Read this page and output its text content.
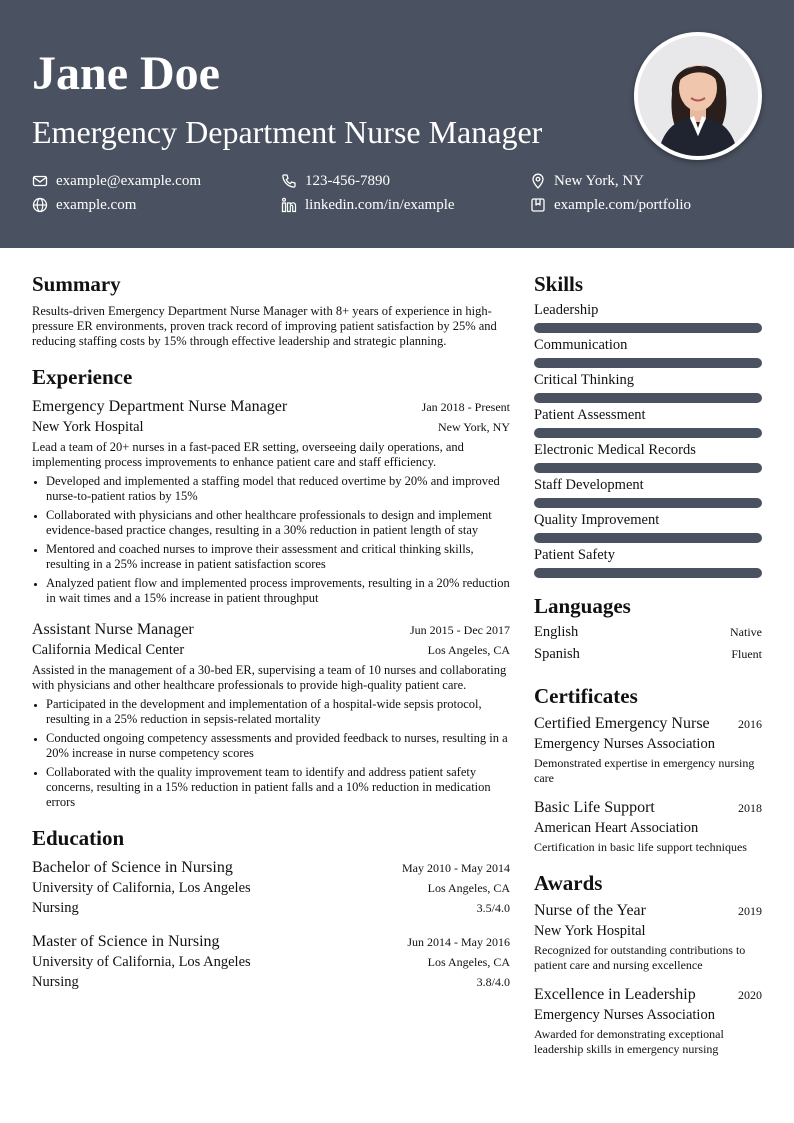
Jane Doe
Emergency Department Nurse Manager
example@example.com	123-456-7890	New York, NY
example.com	linkedin.com/in/example	example.com/portfolio
Summary
Results-driven Emergency Department Nurse Manager with 8+ years of experience in high-pressure ER environments, proven track record of improving patient satisfaction by 25% and reducing staffing costs by 15% through effective leadership and strategic planning.
Experience
Emergency Department Nurse Manager	Jan 2018 - Present
New York Hospital	New York, NY
Lead a team of 20+ nurses in a fast-paced ER setting, overseeing daily operations, and implementing process improvements to enhance patient care and staff efficiency.
• Developed and implemented a staffing model that reduced overtime by 20% and improved nurse-to-patient ratios by 15%
• Collaborated with physicians and other healthcare professionals to design and implement evidence-based practice changes, resulting in a 30% reduction in patient length of stay
• Mentored and coached nurses to improve their assessment and critical thinking skills, resulting in a 25% increase in patient satisfaction scores
• Analyzed patient flow and implemented process improvements, resulting in a 20% reduction in wait times and a 15% increase in patient throughput
Assistant Nurse Manager	Jun 2015 - Dec 2017
California Medical Center	Los Angeles, CA
Assisted in the management of a 30-bed ER, supervising a team of 10 nurses and collaborating with physicians and other healthcare professionals to provide high-quality patient care.
• Participated in the development and implementation of a hospital-wide sepsis protocol, resulting in a 25% reduction in sepsis-related mortality
• Conducted ongoing competency assessments and provided feedback to nurses, resulting in a 20% increase in nurse competency scores
• Collaborated with the quality improvement team to identify and address patient safety concerns, resulting in a 15% reduction in patient falls and a 10% reduction in medication errors
Education
Bachelor of Science in Nursing	May 2010 - May 2014
University of California, Los Angeles	Los Angeles, CA
Nursing	3.5/4.0
Master of Science in Nursing	Jun 2014 - May 2016
University of California, Los Angeles	Los Angeles, CA
Nursing	3.8/4.0
Skills
Leadership
Communication
Critical Thinking
Patient Assessment
Electronic Medical Records
Staff Development
Quality Improvement
Patient Safety
Languages
English	Native
Spanish	Fluent
Certificates
Certified Emergency Nurse 2016
Emergency Nurses Association
Demonstrated expertise in emergency nursing care
Basic Life Support	2018
American Heart Association
Certification in basic life support techniques
Awards
Nurse of the Year	2019
New York Hospital
Recognized for outstanding contributions to patient care and nursing excellence
Excellence in Leadership	2020
Emergency Nurses Association
Awarded for demonstrating exceptional leadership skills in emergency nursing
